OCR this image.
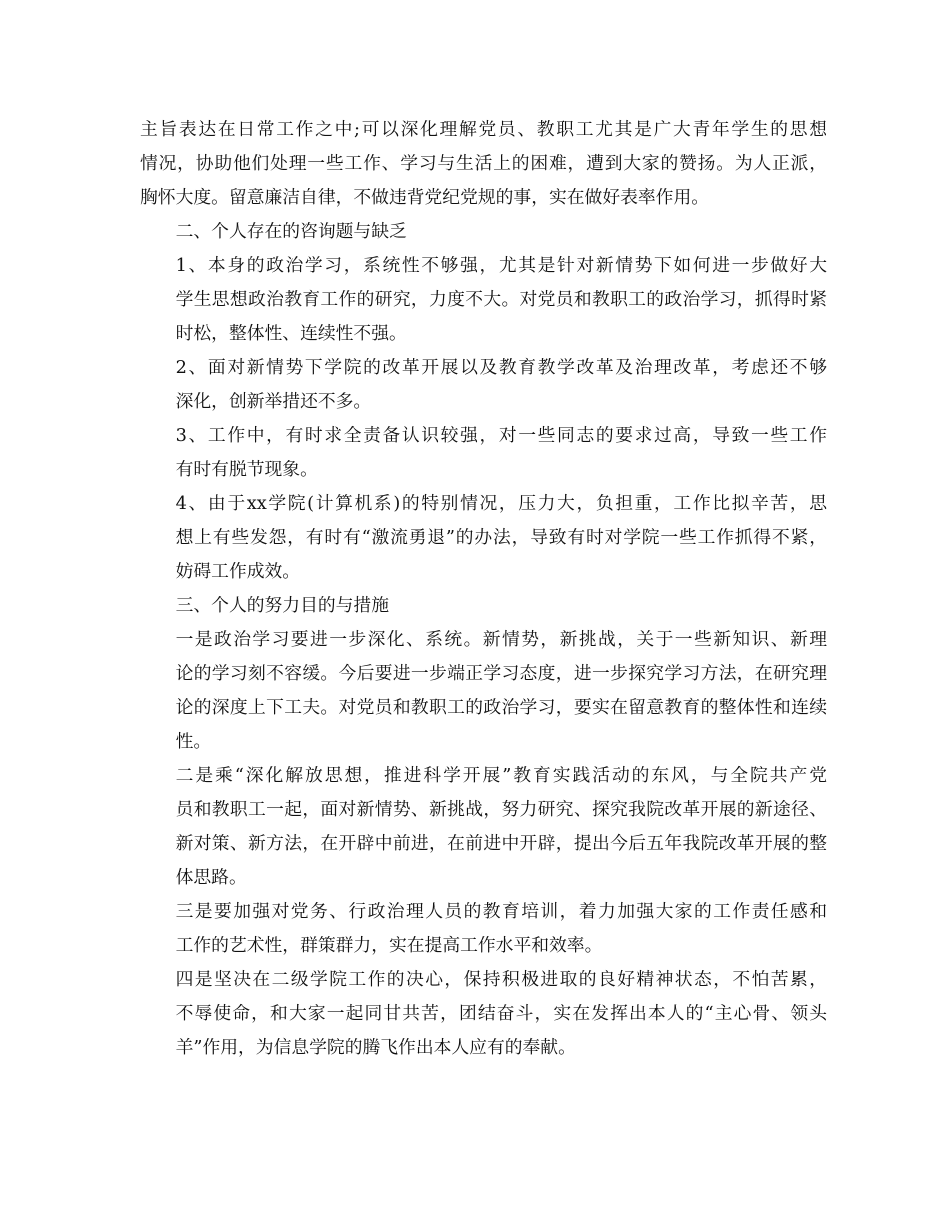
主旨表达在日常工作之中;可以深化理解党员、教职工尤其是广大青年学生的思想
情况，协助他们处理一些工作、学习与生活上的困难，遭到大家的赞扬。为人正派，
胸怀大度。留意廉洁自律，不做违背党纪党规的事，实在做好表率作用。

二、个人存在的咨询题与缺乏

1、本身的政治学习，系统性不够强，尤其是针对新情势下如何进一步做好大
学生思想政治教育工作的研究，力度不大。对党员和教职工的政治学习，抓得时紧
时松，整体性、连续性不强。

2、面对新情势下学院的改革开展以及教育教学改革及治理改革，考虑还不够
深化，创新举措还不多。

3、工作中，有时求全责备认识较强，对一些同志的要求过高，导致一些工作
有时有脱节现象。

4、由于xx学院(计算机系)的特别情况，压力大，负担重，工作比拟辛苦，思
想上有些发怨，有时有“激流勇退”的办法，导致有时对学院一些工作抓得不紧，
妨碍工作成效。

三、个人的努力目的与措施

一是政治学习要进一步深化、系统。新情势，新挑战，关于一些新知识、新理
论的学习刻不容缓。今后要进一步端正学习态度，进一步探究学习方法，在研究理
论的深度上下工夫。对党员和教职工的政治学习，要实在留意教育的整体性和连续
性。

二是乘“深化解放思想，推进科学开展”教育实践活动的东风，与全院共产党
员和教职工一起，面对新情势、新挑战，努力研究、探究我院改革开展的新途径、
新对策、新方法，在开辟中前进，在前进中开辟，提出今后五年我院改革开展的整
体思路。

三是要加强对党务、行政治理人员的教育培训，着力加强大家的工作责任感和
工作的艺术性，群策群力，实在提高工作水平和效率。

四是坚决在二级学院工作的决心，保持积极进取的良好精神状态，不怕苦累，
不辱使命，和大家一起同甘共苦，团结奋斗，实在发挥出本人的“主心骨、领头
羊”作用，为信息学院的腾飞作出本人应有的奉献。
